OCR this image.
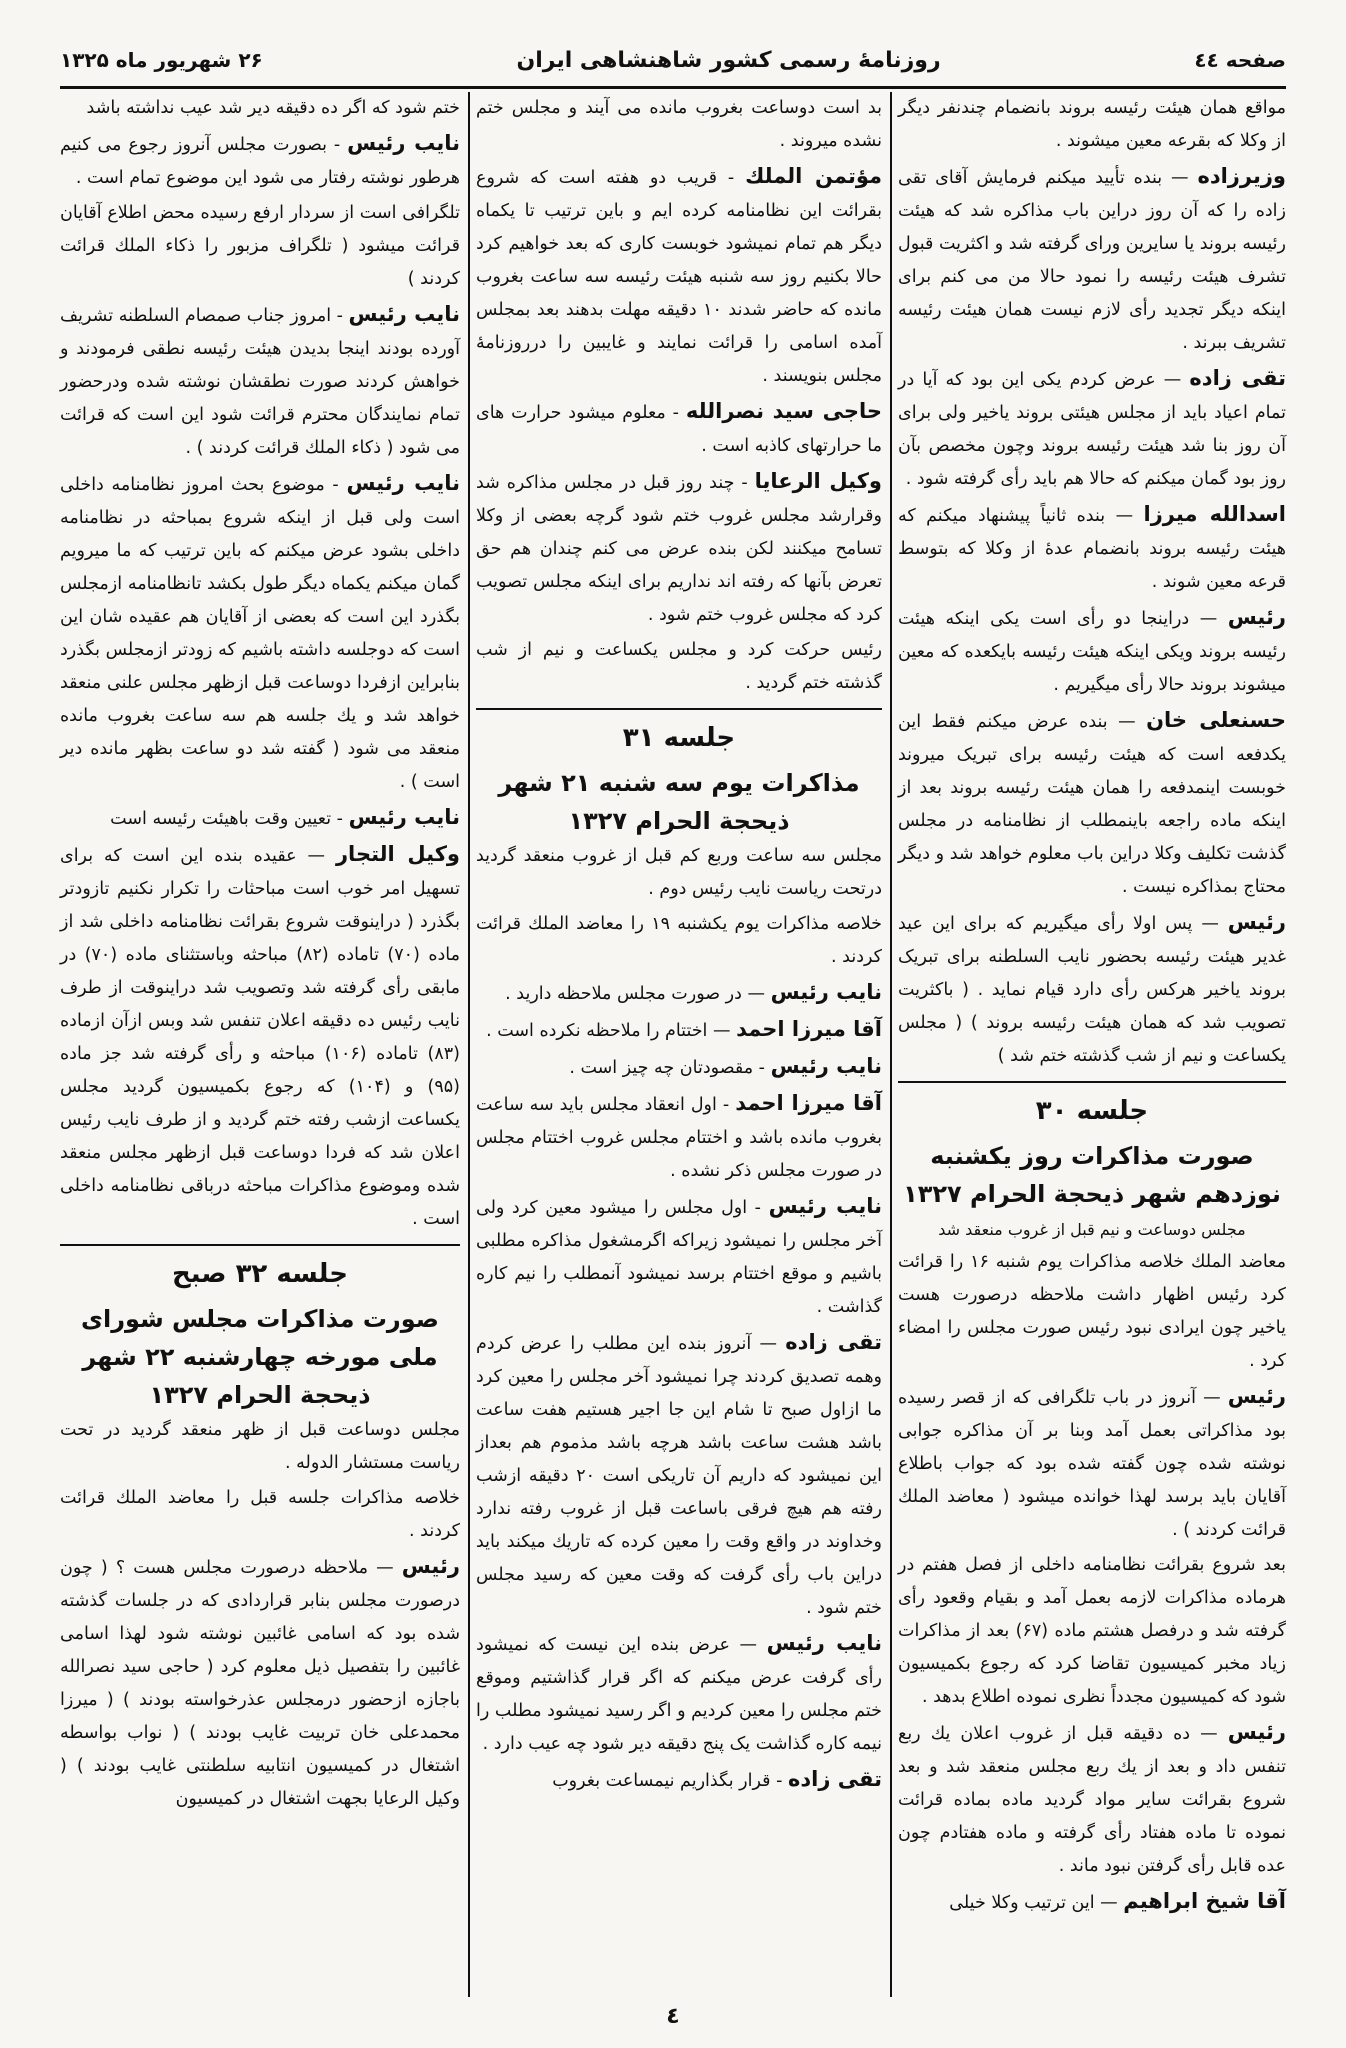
صفحه ٤٤
روزنامهٔ رسمی کشور شاهنشاهی ایران
۲۶ شهریور ماه ۱۳۲۵

مواقع همان هیئت رئیسه بروند بانضمام چندنفر دیگر از وکلا که بقرعه معین میشوند .

وزیرزاده — بنده تأیید میکنم فرمایش آقای تقی زاده را که آن روز دراین باب مذاکره شد که هیئت رئیسه بروند یا سایرین ورای گرفته شد و اکثریت قبول تشرف هیئت رئیسه را نمود حالا من می کنم برای اینکه دیگر تجدید رأی لازم نیست همان هیئت رئیسه تشریف ببرند .

تقی زاده — عرض کردم یکی این بود که آیا در تمام اعیاد باید از مجلس هیئتی بروند یاخیر ولی برای آن روز بنا شد هیئت رئیسه بروند وچون مخصص بآن روز بود گمان میکنم که حالا هم باید رأی گرفته شود .

اسدالله میرزا — بنده ثانیاً پیشنهاد میکنم که هیئت رئیسه بروند بانضمام عدهٔ از وکلا که بتوسط قرعه معین شوند .

رئیس — دراینجا دو رأی است یکی اینکه هیئت رئیسه بروند ویکی اینکه هیئت رئیسه بایکعده که معین میشوند بروند حالا رأی میگیریم .

حسنعلی خان — بنده عرض میکنم فقط این یکدفعه است که هیئت رئیسه برای تبریک میروند خوبست اینمدفعه را همان هیئت رئیسه بروند بعد از اینکه ماده راجعه باینمطلب از نظامنامه در مجلس گذشت تکلیف وکلا دراین باب معلوم خواهد شد و دیگر محتاج بمذاکره نیست .

رئیس — پس اولا رأی میگیریم که برای این عید غدیر هیئت رئیسه بحضور نایب السلطنه برای تبریک بروند یاخیر هرکس رأی دارد قیام نماید . ( باکثریت تصویب شد که همان هیئت رئیسه بروند ) ( مجلس یکساعت و نیم از شب گذشته ختم شد )

جلسه ۳۰
صورت مذاکرات روز یکشنبه نوزدهم شهر ذیحجة الحرام ۱۳۲۷
مجلس دوساعت و نیم قبل از غروب منعقد شد

معاضد الملك خلاصه مذاکرات یوم شنبه ۱۶ را قرائت کرد رئیس اظهار داشت ملاحظه درصورت هست یاخیر چون ایرادی نبود رئیس صورت مجلس را امضاء کرد .

رئیس — آنروز در باب تلگرافی که از قصر رسیده بود مذاکراتی بعمل آمد وبنا بر آن مذاکره جوابی نوشته شده چون گفته شده بود که جواب باطلاع آقایان باید برسد لهذا خوانده میشود ( معاضد الملك قرائت کردند ) .

بعد شروع بقرائت نظامنامه داخلی از فصل هفتم در هرماده مذاکرات لازمه بعمل آمد و بقیام وقعود رأی گرفته شد و درفصل هشتم ماده (۶۷) بعد از مذاکرات زیاد مخبر کمیسیون تقاضا کرد که رجوع بکمیسیون شود که کمیسیون مجدداً نظری نموده اطلاع بدهد .

رئیس — ده دقیقه قبل از غروب اعلان یك ربع تنفس داد و بعد از یك ربع مجلس منعقد شد و بعد شروع بقرائت سایر مواد گردید ماده بماده قرائت نموده تا ماده هفتاد رأی گرفته و ماده هفتادم چون عده قابل رأی گرفتن نبود ماند .

آقا شیخ ابراهیم — این ترتیب وکلا خیلی

بد است دوساعت بغروب مانده می آیند و مجلس ختم نشده میروند .

مؤتمن الملك - قریب دو هفته است که شروع بقرائت این نظامنامه کرده ایم و باین ترتیب تا یکماه دیگر هم تمام نمیشود خوبست کاری که بعد خواهیم کرد حالا بکنیم روز سه شنبه هیئت رئیسه سه ساعت بغروب مانده که حاضر شدند ۱۰ دقیقه مهلت بدهند بعد بمجلس آمده اسامی را قرائت نمایند و غایبین را درروزنامهٔ مجلس بنویسند .

حاجی سید نصرالله - معلوم میشود حرارت های ما حرارتهای کاذبه است .

وکیل الرعایا - چند روز قبل در مجلس مذاکره شد وقرارشد مجلس غروب ختم شود گرچه بعضی از وکلا تسامح میکنند لکن بنده عرض می کنم چندان هم حق تعرض بآنها که رفته اند نداریم برای اینکه مجلس تصویب کرد که مجلس غروب ختم شود .

رئیس حرکت کرد و مجلس یکساعت و نیم از شب گذشته ختم گردید .

جلسه ۳۱
مذاکرات یوم سه شنبه ۲۱ شهر ذیحجة الحرام ۱۳۲۷

مجلس سه ساعت وربع کم قبل از غروب منعقد گردید درتحت ریاست نایب رئیس دوم .

خلاصه مذاکرات یوم یکشنبه ۱۹ را معاضد الملك قرائت کردند .

نایب رئیس — در صورت مجلس ملاحظه دارید .

آقا میرزا احمد — اختتام را ملاحظه نکرده است .

نایب رئیس - مقصودتان چه چیز است .

آقا میرزا احمد - اول انعقاد مجلس باید سه ساعت بغروب مانده باشد و اختتام مجلس غروب اختتام مجلس در صورت مجلس ذکر نشده .

نایب رئیس - اول مجلس را میشود معین کرد ولی آخر مجلس را نمیشود زیراکه اگرمشغول مذاکره مطلبی باشیم و موقع اختتام برسد نمیشود آنمطلب را نیم کاره گذاشت .

تقی زاده — آنروز بنده این مطلب را عرض کردم وهمه تصدیق کردند چرا نمیشود آخر مجلس را معین کرد ما ازاول صبح تا شام این جا اجیر هستیم هفت ساعت باشد هشت ساعت باشد هرچه باشد مذموم هم بعداز این نمیشود که داریم آن تاریکی است ۲۰ دقیقه ازشب رفته هم هیچ فرقی باساعت قبل از غروب رفته ندارد وخداوند در واقع وقت را معین کرده که تاریك میکند باید دراین باب رأی گرفت که وقت معین که رسید مجلس ختم شود .

نایب رئیس — عرض بنده این نیست که نمیشود رأی گرفت عرض میکنم که اگر قرار گذاشتیم وموقع ختم مجلس را معین کردیم و اگر رسید نمیشود مطلب را نیمه کاره گذاشت یک پنج دقیقه دیر شود چه عیب دارد .

تقی زاده - قرار بگذاریم نیمساعت بغروب

ختم شود که اگر ده دقیقه دیر شد عیب نداشته باشد

نایب رئیس - بصورت مجلس آنروز رجوع می کنیم هرطور نوشته رفتار می شود این موضوع تمام است .

تلگرافی است از سردار ارفع رسیده محض اطلاع آقایان قرائت میشود ( تلگراف مزبور را ذکاء الملك قرائت کردند )

نایب رئیس - امروز جناب صمصام السلطنه تشریف آورده بودند اینجا بدیدن هیئت رئیسه نطقی فرمودند و خواهش کردند صورت نطقشان نوشته شده ودرحضور تمام نمایندگان محترم قرائت شود این است که قرائت می شود ( ذکاء الملك قرائت کردند ) .

نایب رئیس - موضوع بحث امروز نظامنامه داخلی است ولی قبل از اینکه شروع بمباحثه در نظامنامه داخلی بشود عرض میکنم که باین ترتیب که ما میرویم گمان میکنم یکماه دیگر طول بکشد تانظامنامه ازمجلس بگذرد این است که بعضی از آقایان هم عقیده شان این است که دوجلسه داشته باشیم که زودتر ازمجلس بگذرد بنابراین ازفردا دوساعت قبل ازظهر مجلس علنی منعقد خواهد شد و یك جلسه هم سه ساعت بغروب مانده منعقد می شود ( گفته شد دو ساعت بظهر مانده دیر است ) .

نایب رئیس - تعیین وقت باهیئت رئیسه است

وکیل التجار — عقیده بنده این است که برای تسهیل امر خوب است مباحثات را تکرار نکنیم تازودتر بگذرد ( دراینوقت شروع بقرائت نظامنامه داخلی شد از ماده (۷۰) تاماده (۸۲) مباحثه وباستثنای ماده (۷۰) در مابقی رأی گرفته شد وتصویب شد دراینوقت از طرف نایب رئیس ده دقیقه اعلان تنفس شد وبس ازآن ازماده (۸۳) تاماده (۱۰۶) مباحثه و رأی گرفته شد جز ماده (۹۵) و (۱۰۴) که رجوع بکمیسیون گردید مجلس یکساعت ازشب رفته ختم گردید و از طرف نایب رئیس اعلان شد که فردا دوساعت قبل ازظهر مجلس منعقد شده وموضوع مذاکرات مباحثه درباقی نظامنامه داخلی است .

جلسه ۳۲ صبح
صورت مذاکرات مجلس شورای ملی مورخه چهارشنبه ۲۲ شهر ذیحجة الحرام ۱۳۲۷

مجلس دوساعت قبل از ظهر منعقد گردید در تحت ریاست مستشار الدوله .

خلاصه مذاکرات جلسه قبل را معاضد الملك قرائت کردند .

رئیس — ملاحظه درصورت مجلس هست ؟ ( چون درصورت مجلس بنابر قراردادی که در جلسات گذشته شده بود که اسامی غائبین نوشته شود لهذا اسامی غائبین را بتفصیل ذیل معلوم کرد ( حاجی سید نصرالله باجازه ازحضور درمجلس عذرخواسته بودند ) ( میرزا محمدعلی خان تربیت غایب بودند ) ( نواب بواسطه اشتغال در کمیسیون انتابیه سلطنتی غایب بودند ) ( وکیل الرعایا بجهت اشتغال در کمیسیون

٤
